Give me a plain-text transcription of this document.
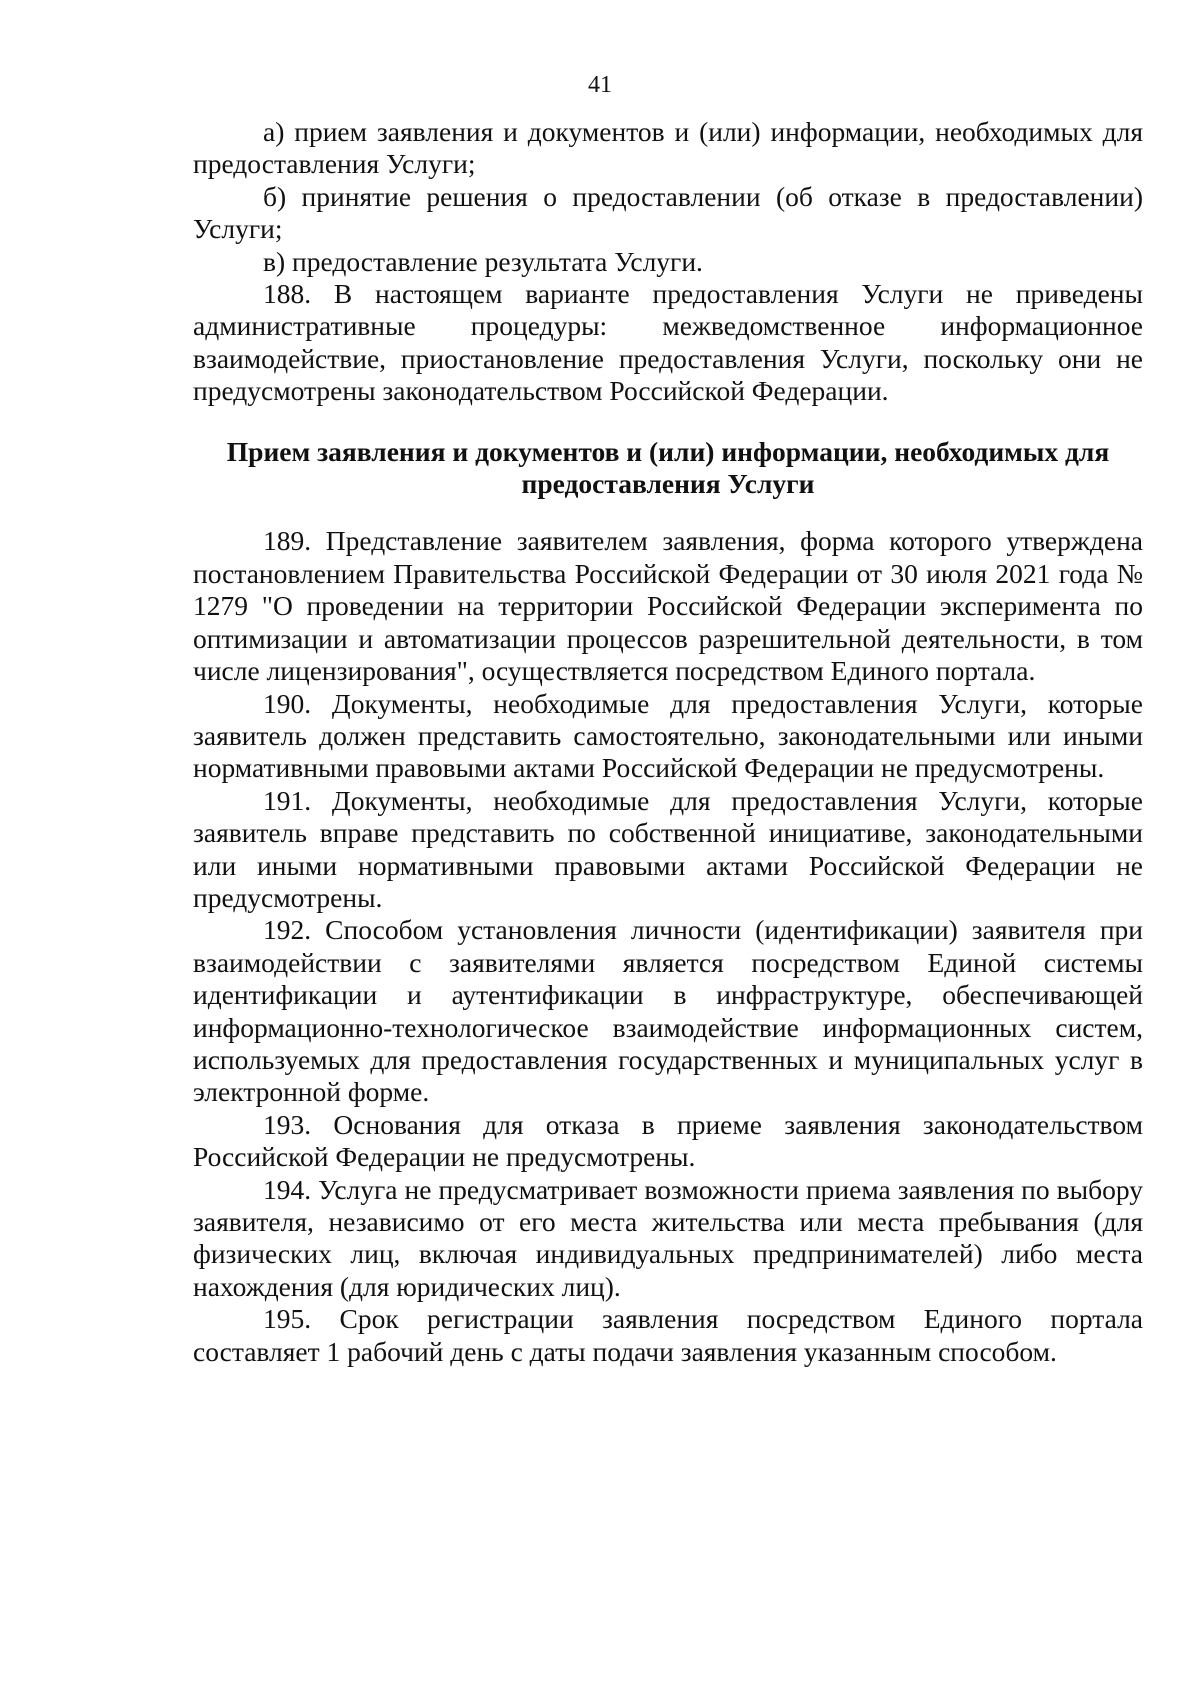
41

а) прием заявления и документов и (или) информации, необходимых для предоставления Услуги;

б) принятие решения о предоставлении (об отказе в предоставлении) Услуги;

в) предоставление результата Услуги.

188. В настоящем варианте предоставления Услуги не приведены административные процедуры: межведомственное информационное взаимодействие, приостановление предоставления Услуги, поскольку они не предусмотрены законодательством Российской Федерации.

Прием заявления и документов и (или) информации, необходимых для предоставления Услуги

189. Представление заявителем заявления, форма которого утверждена постановлением Правительства Российской Федерации от 30 июля 2021 года № 1279 "О проведении на территории Российской Федерации эксперимента по оптимизации и автоматизации процессов разрешительной деятельности, в том числе лицензирования", осуществляется посредством Единого портала.

190. Документы, необходимые для предоставления Услуги, которые заявитель должен представить самостоятельно, законодательными или иными нормативными правовыми актами Российской Федерации не предусмотрены.

191. Документы, необходимые для предоставления Услуги, которые заявитель вправе представить по собственной инициативе, законодательными или иными нормативными правовыми актами Российской Федерации не предусмотрены.

192. Способом установления личности (идентификации) заявителя при взаимодействии с заявителями является посредством Единой системы идентификации и аутентификации в инфраструктуре, обеспечивающей информационно-технологическое взаимодействие информационных систем, используемых для предоставления государственных и муниципальных услуг в электронной форме.

193. Основания для отказа в приеме заявления законодательством Российской Федерации не предусмотрены.

194. Услуга не предусматривает возможности приема заявления по выбору заявителя, независимо от его места жительства или места пребывания (для физических лиц, включая индивидуальных предпринимателей) либо места нахождения (для юридических лиц).

195. Срок регистрации заявления посредством Единого портала составляет 1 рабочий день с даты подачи заявления указанным способом.
